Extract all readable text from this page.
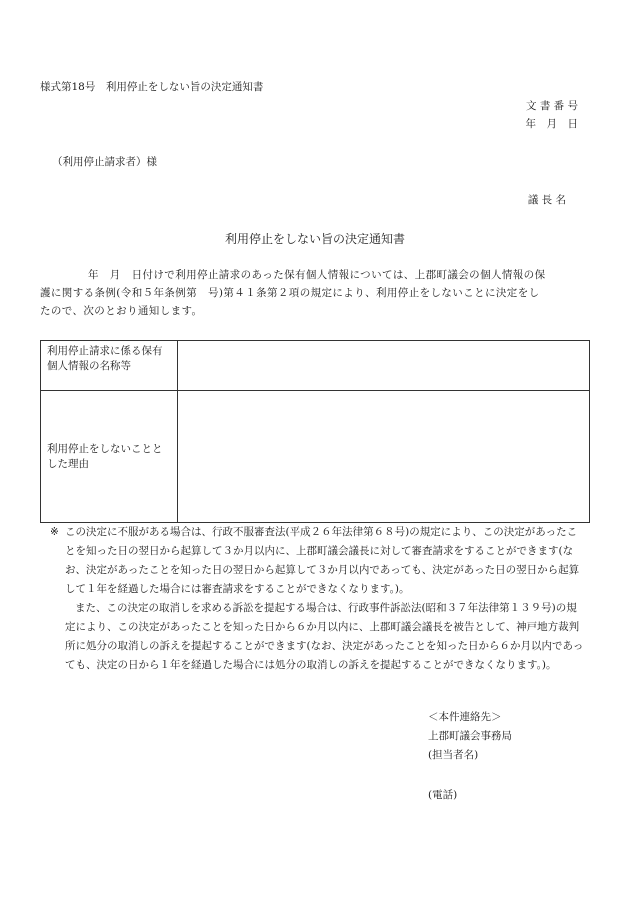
様式第18号　利用停止をしない旨の決定通知書
文 書 番 号
年　月　日
（利用停止請求者）様
議 長 名
利用停止をしない旨の決定通知書
年　月　日付けで利用停止請求のあった保有個人情報については、上郡町議会の個人情報の保
護に関する条例(令和５年条例第　号)第４１条第２項の規定により、利用停止をしないことに決定をし
たので、次のとおり通知します。
利用停止請求に係る保有個人情報の名称等	
利用停止をしないこととした理由	
※ この決定に不服がある場合は、行政不服審査法(平成２６年法律第６８号)の規定により、この決定があったことを知った日の翌日から起算して３か月以内に、上郡町議会議長に対して審査請求をすることができます(なお、決定があったことを知った日の翌日から起算して３か月以内であっても、決定があった日の翌日から起算して１年を経過した場合には審査請求をすることができなくなります。)。
また、この決定の取消しを求める訴訟を提起する場合は、行政事件訴訟法(昭和３７年法律第１３９号)の規定により、この決定があったことを知った日から６か月以内に、上郡町議会議長を被告として、神戸地方裁判所に処分の取消しの訴えを提起することができます(なお、決定があったことを知った日から６か月以内であっても、決定の日から１年を経過した場合には処分の取消しの訴えを提起することができなくなります。)。
＜本件連絡先＞
上郡町議会事務局
(担当者名)
(電話)
